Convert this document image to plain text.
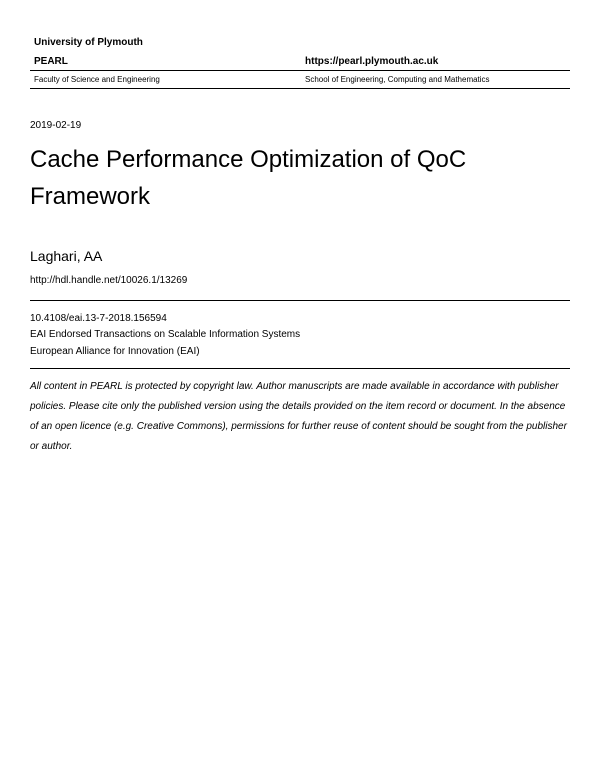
University of Plymouth
PEARL	https://pearl.plymouth.ac.uk
Faculty of Science and Engineering	School of Engineering, Computing and Mathematics
2019-02-19
Cache Performance Optimization of QoC Framework
Laghari, AA
http://hdl.handle.net/10026.1/13269
10.4108/eai.13-7-2018.156594
EAI Endorsed Transactions on Scalable Information Systems
European Alliance for Innovation (EAI)
All content in PEARL is protected by copyright law. Author manuscripts are made available in accordance with publisher policies. Please cite only the published version using the details provided on the item record or document. In the absence of an open licence (e.g. Creative Commons), permissions for further reuse of content should be sought from the publisher or author.
